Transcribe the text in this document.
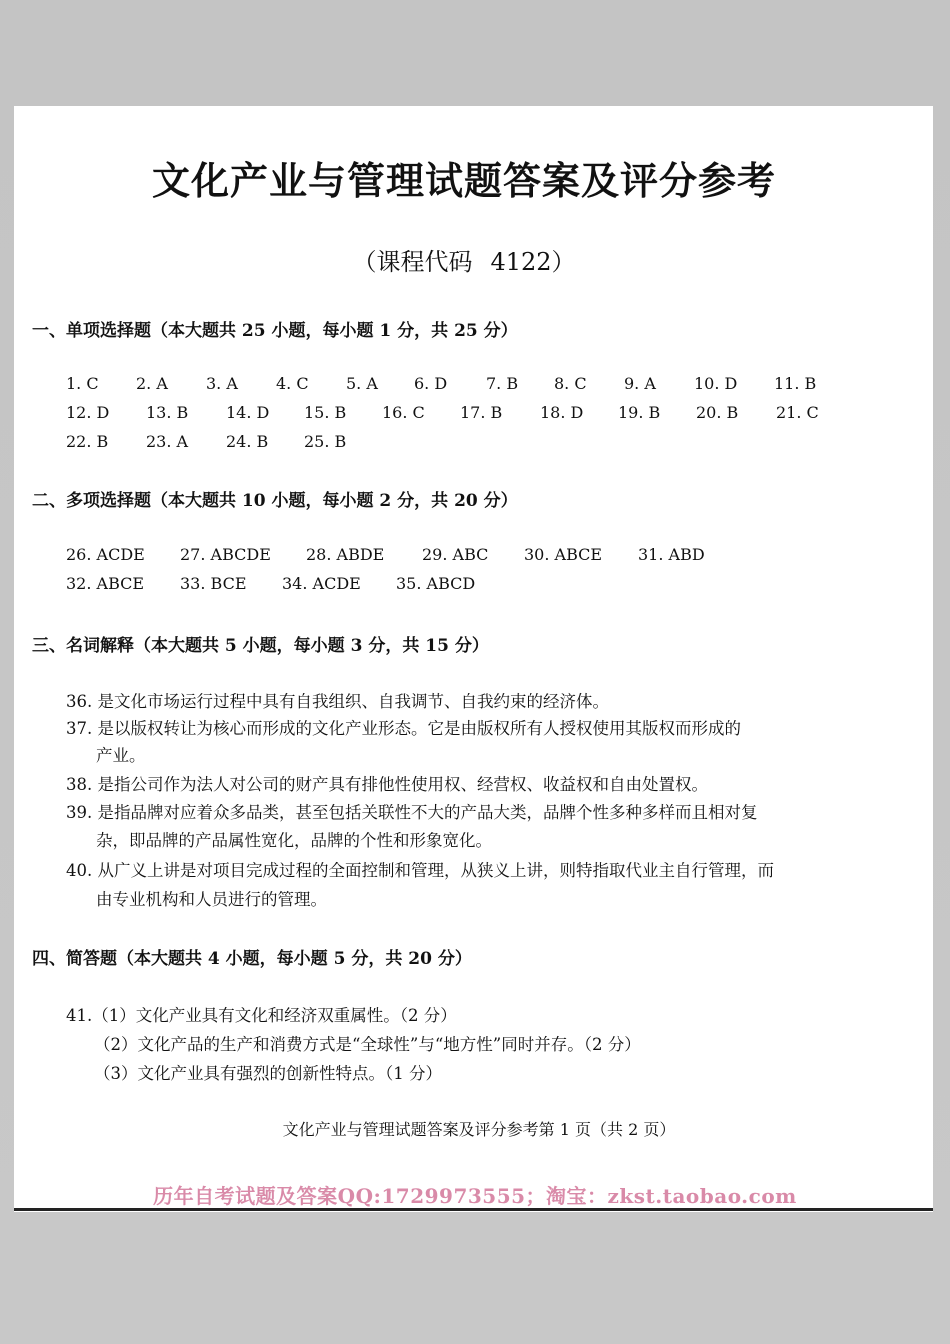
文化产业与管理试题答案及评分参考
（课程代码 4122）
一、单项选择题（本大题共 25 小题，每小题 1 分，共 25 分）
1. C 2. A 3. A 4. C 5. A 6. D 7. B 8. C 9. A 10. D 11. B
12. D 13. B 14. D 15. B 16. C 17. B 18. D 19. B 20. B 21. C
22. B 23. A 24. B 25. B
二、多项选择题（本大题共 10 小题，每小题 2 分，共 20 分）
26. ACDE 27. ABCDE 28. ABDE 29. ABC 30. ABCE 31. ABD
32. ABCE 33. BCE 34. ACDE 35. ABCD
三、名词解释（本大题共 5 小题，每小题 3 分，共 15 分）
36. 是文化市场运行过程中具有自我组织、自我调节、自我约束的经济体。
37. 是以版权转让为核心而形成的文化产业形态。它是由版权所有人授权使用其版权而形成的
产业。
38. 是指公司作为法人对公司的财产具有排他性使用权、经营权、收益权和自由处置权。
39. 是指品牌对应着众多品类，甚至包括关联性不大的产品大类，品牌个性多种多样而且相对复
杂，即品牌的产品属性宽化，品牌的个性和形象宽化。
40. 从广义上讲是对项目完成过程的全面控制和管理，从狭义上讲，则特指取代业主自行管理，而
由专业机构和人员进行的管理。
四、简答题（本大题共 4 小题，每小题 5 分，共 20 分）
41.（1）文化产业具有文化和经济双重属性。（2 分）
（2）文化产品的生产和消费方式是“全球性”与“地方性”同时并存。（2 分）
（3）文化产业具有强烈的创新性特点。（1 分）
文化产业与管理试题答案及评分参考第 1 页（共 2 页）
历年自考试题及答案QQ:1729973555；淘宝：zkst.taobao.com
